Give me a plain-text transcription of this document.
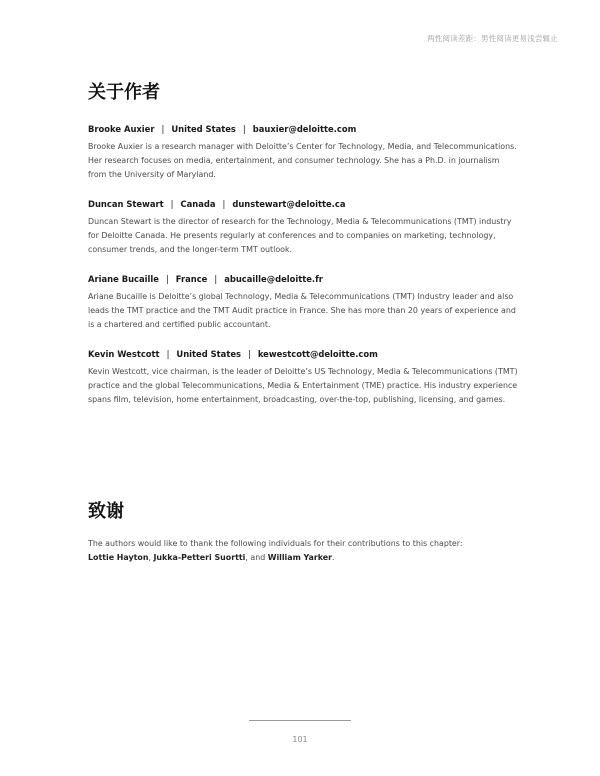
两性阅读差距：男性阅读更易浅尝辄止
关于作者

Brooke Auxier | United States | bauxier@deloitte.com

Brooke Auxier is a research manager with Deloitte’s Center for Technology, Media, and Telecommunications. Her research focuses on media, entertainment, and consumer technology. She has a Ph.D. in journalism from the University of Maryland.

Duncan Stewart | Canada | dunstewart@deloitte.ca

Duncan Stewart is the director of research for the Technology, Media & Telecommunications (TMT) industry for Deloitte Canada. He presents regularly at conferences and to companies on marketing, technology, consumer trends, and the longer-term TMT outlook.

Ariane Bucaille | France | abucaille@deloitte.fr

Ariane Bucaille is Deloitte’s global Technology, Media & Telecommunications (TMT) Industry leader and also leads the TMT practice and the TMT Audit practice in France. She has more than 20 years of experience and is a chartered and certified public accountant.

Kevin Westcott | United States | kewestcott@deloitte.com

Kevin Westcott, vice chairman, is the leader of Deloitte’s US Technology, Media & Telecommunications (TMT) practice and the global Telecommunications, Media & Entertainment (TME) practice. His industry experience spans film, television, home entertainment, broadcasting, over-the-top, publishing, licensing, and games.

致谢

The authors would like to thank the following individuals for their contributions to this chapter:
Lottie Hayton, Jukka-Petteri Suortti, and William Yarker.

101
